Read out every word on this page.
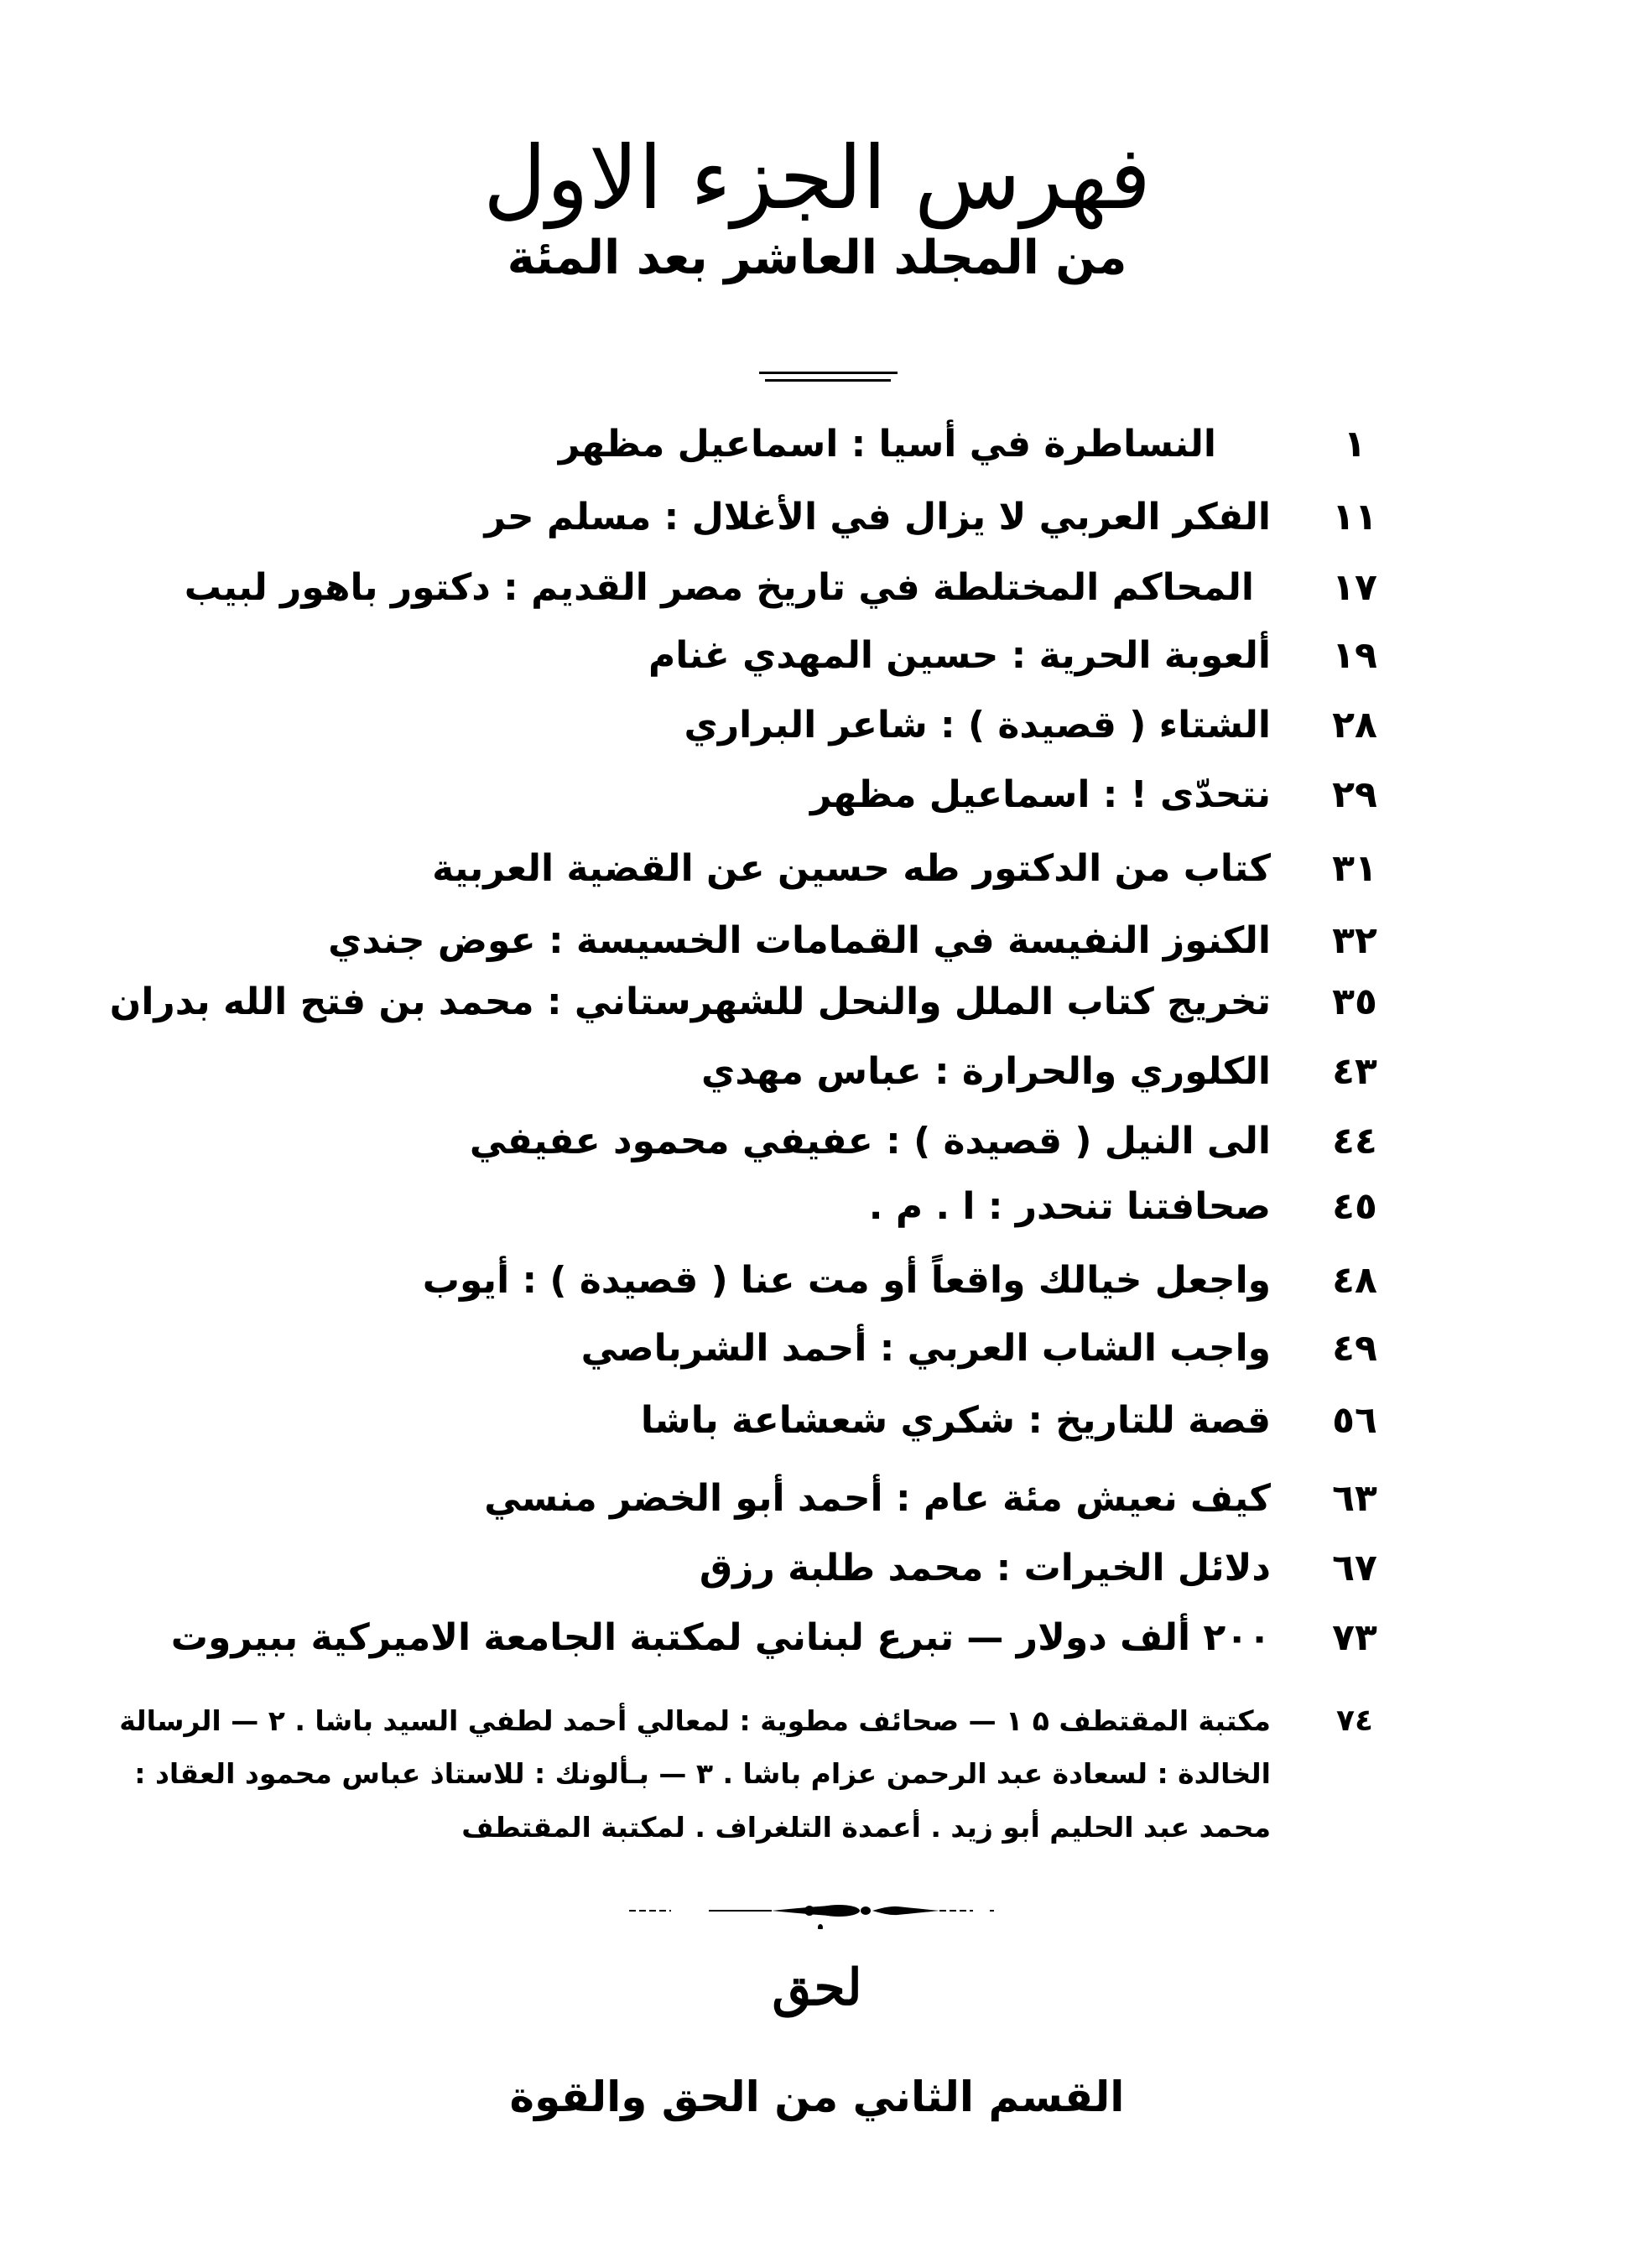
فهرس الجزء الاول
من المجلد العاشر بعد المئة
١
النساطرة في أسيا : اسماعيل مظهر
١١
الفكر العربي لا يزال في الأغلال : مسلم حر
١٧
المحاكم المختلطة في تاريخ مصر القديم : دكتور باهور لبيب
١٩
ألعوبة الحرية : حسين المهدي غنام
٢٨
الشتاء ( قصيدة ) : شاعر البراري
٢٩
نتحدّى ! : اسماعيل مظهر
٣١
كتاب من الدكتور طه حسين عن القضية العربية
٣٢
الكنوز النفيسة في القمامات الخسيسة : عوض جندي
٣٥
تخريج كتاب الملل والنحل للشهرستاني : محمد بن فتح الله بدران
٤٣
الكلوري والحرارة : عباس مهدي
٤٤
الى النيل ( قصيدة ) : عفيفي محمود عفيفي
٤٥
صحافتنا تنحدر : ا . م .
٤٨
واجعل خيالك واقعاً أو مت عنا ( قصيدة ) : أيوب
٤٩
واجب الشاب العربي : أحمد الشرباصي
٥٦
قصة للتاريخ : شكري شعشاعة باشا
٦٣
كيف نعيش مئة عام : أحمد أبو الخضر منسي
٦٧
دلائل الخيرات : محمد طلبة رزق
٧٣
٢٠٠ ألف دولار — تبرع لبناني لمكتبة الجامعة الاميركية ببيروت
٧٤
مكتبة المقتطف ۵ ١ — صحائف مطوية : لمعالي أحمد لطفي السيد باشا . ٢ — الرسالة
الخالدة : لسعادة عبد الرحمن عزام باشا . ٣ — بـألونك : للاستاذ عباس محمود العقاد :
محمد عبد الحليم أبو زيد . أعمدة التلغراف . لمكتبة المقتطف
لحق
القسم الثاني من الحق والقوة
